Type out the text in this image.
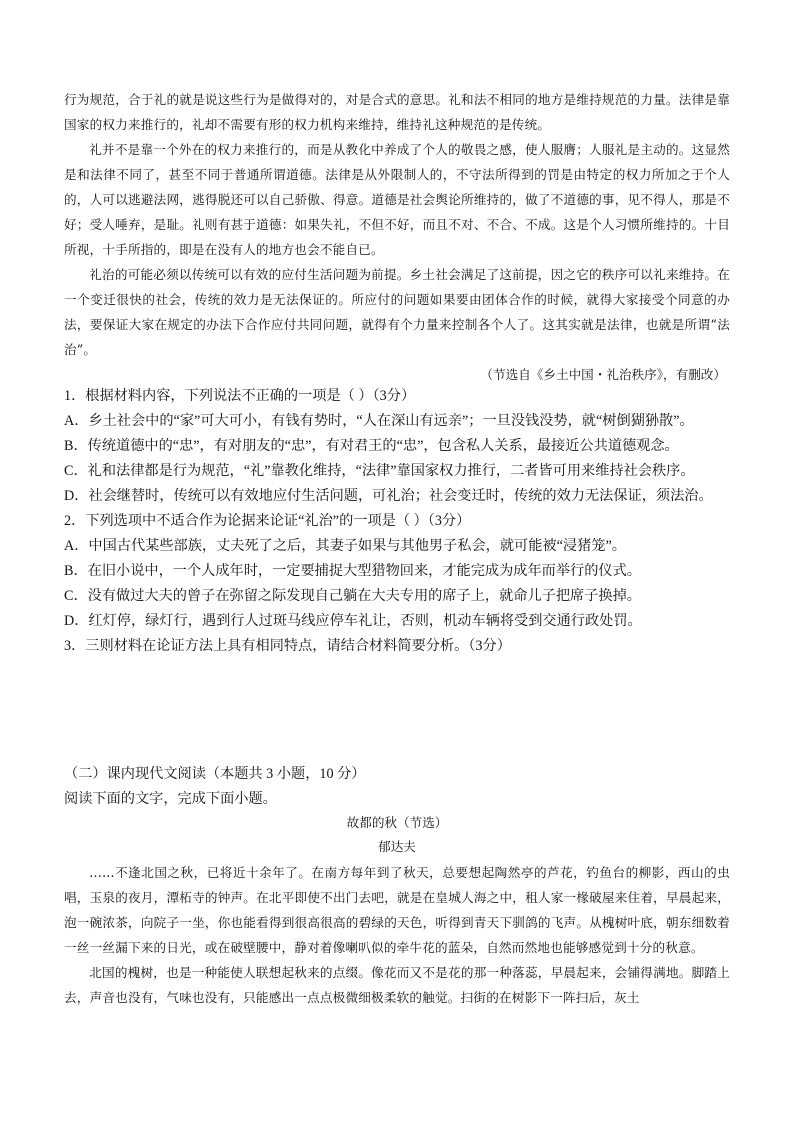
行为规范，合于礼的就是说这些行为是做得对的，对是合式的意思。礼和法不相同的地方是维持规范的力量。法律是靠国家的权力来推行的，礼却不需要有形的权力机构来维持，维持礼这种规范的是传统。

礼并不是靠一个外在的权力来推行的，而是从教化中养成了个人的敬畏之感，使人服膺；人服礼是主动的。这显然是和法律不同了，甚至不同于普通所谓道德。法律是从外限制人的，不守法所得到的罚是由特定的权力所加之于个人的，人可以逃避法网，逃得脱还可以自己骄傲、得意。道德是社会舆论所维持的，做了不道德的事，见不得人，那是不好；受人唾弃，是耻。礼则有甚于道德：如果失礼，不但不好，而且不对、不合、不成。这是个人习惯所维持的。十目所视，十手所指的，即是在没有人的地方也会不能自已。

礼治的可能必须以传统可以有效的应付生活问题为前提。乡土社会满足了这前提，因之它的秩序可以礼来维持。在一个变迁很快的社会，传统的效力是无法保证的。所应付的问题如果要由团体合作的时候，就得大家接受个同意的办法，要保证大家在规定的办法下合作应付共同问题，就得有个力量来控制各个人了。这其实就是法律，也就是所谓“法治”。

（节选自《乡土中国・礼治秩序》，有删改）

1．根据材料内容，下列说法不正确的一项是（ ）（3分）

A．乡土社会中的“家”可大可小，有钱有势时，“人在深山有远亲”；一旦没钱没势，就“树倒猢狲散”。

B．传统道德中的“忠”，有对朋友的“忠”，有对君王的“忠”，包含私人关系，最接近公共道德观念。

C．礼和法律都是行为规范，“礼”靠教化维持，“法律”靠国家权力推行，二者皆可用来维持社会秩序。

D．社会继替时，传统可以有效地应付生活问题，可礼治；社会变迁时，传统的效力无法保证，须法治。

2．下列选项中不适合作为论据来论证“礼治”的一项是（ ）（3分）

A．中国古代某些部族，丈夫死了之后，其妻子如果与其他男子私会，就可能被“浸猪笼”。

B．在旧小说中，一个人成年时，一定要捕捉大型猎物回来，才能完成为成年而举行的仪式。

C．没有做过大夫的曾子在弥留之际发现自己躺在大夫专用的席子上，就命儿子把席子换掉。

D．红灯停，绿灯行，遇到行人过斑马线应停车礼让，否则，机动车辆将受到交通行政处罚。

3．三则材料在论证方法上具有相同特点，请结合材料简要分析。（3分）

（二）课内现代文阅读（本题共 3 小题，10 分）

阅读下面的文字，完成下面小题。

故都的秋（节选）
郁达夫

……不逢北国之秋，已将近十余年了。在南方每年到了秋天，总要想起陶然亭的芦花，钓鱼台的柳影，西山的虫唱，玉泉的夜月，潭柘寺的钟声。在北平即使不出门去吧，就是在皇城人海之中，租人家一椽破屋来住着，早晨起来，泡一碗浓茶，向院子一坐，你也能看得到很高很高的碧绿的天色，听得到青天下驯鸽的飞声。从槐树叶底，朝东细数着一丝一丝漏下来的日光，或在破壁腰中，静对着像喇叭似的牵牛花的蓝朵，自然而然地也能够感觉到十分的秋意。

北国的槐树，也是一种能使人联想起秋来的点缀。像花而又不是花的那一种落蕊，早晨起来，会铺得满地。脚踏上去，声音也没有，气味也没有，只能感出一点点极微细极柔软的触觉。扫街的在树影下一阵扫后，灰土
